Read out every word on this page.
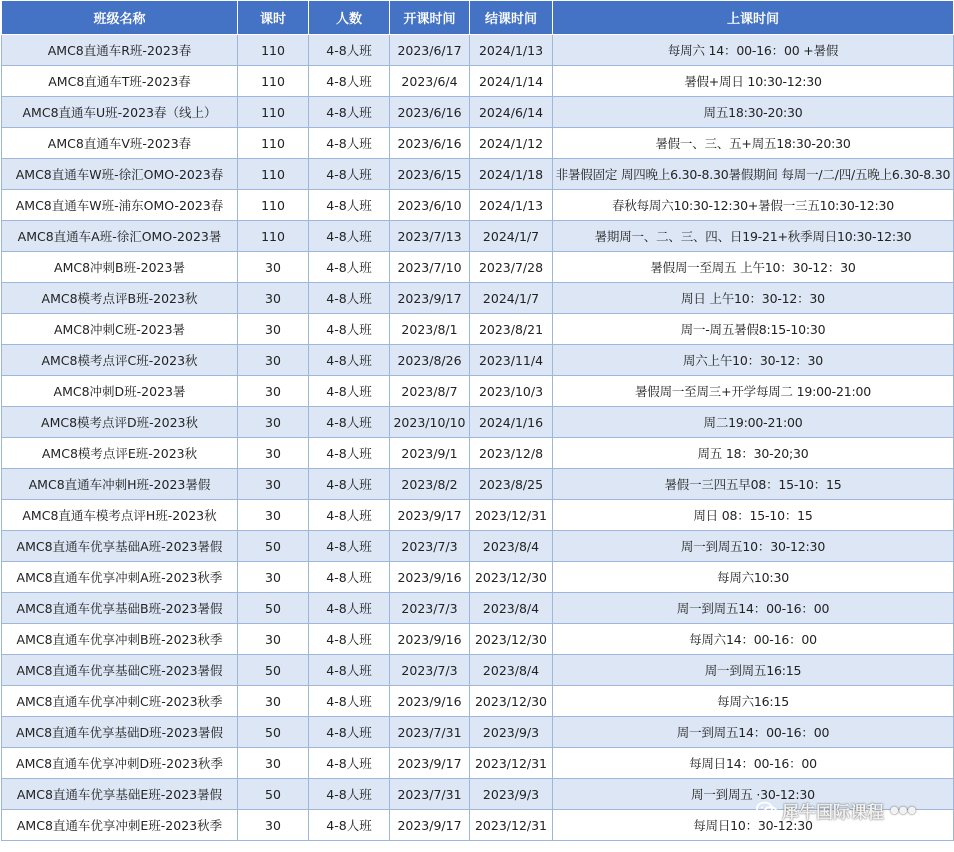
班级名称	课时	人数	开课时间	结课时间	上课时间
AMC8直通车R班-2023春	110	4-8人班	2023/6/17	2024/1/13	每周六 14：00-16：00 +暑假
AMC8直通车T班-2023春	110	4-8人班	2023/6/4	2024/1/14	暑假+周日 10:30-12:30
AMC8直通车U班-2023春（线上）	110	4-8人班	2023/6/16	2024/6/14	周五18:30-20:30
AMC8直通车V班-2023春	110	4-8人班	2023/6/16	2024/1/12	暑假一、三、五+周五18:30-20:30
AMC8直通车W班-徐汇OMO-2023春	110	4-8人班	2023/6/15	2024/1/18	非暑假固定 周四晚上6.30-8.30暑假期间 每周一/二/四/五晚上6.30-8.30
AMC8直通车W班-浦东OMO-2023春	110	4-8人班	2023/6/10	2024/1/13	春秋每周六10:30-12:30+暑假一三五10:30-12:30
AMC8直通车A班-徐汇OMO-2023暑	110	4-8人班	2023/7/13	2024/1/7	暑期周一、二、三、四、日19-21+秋季周日10:30-12:30
AMC8冲刺B班-2023暑	30	4-8人班	2023/7/10	2023/7/28	暑假周一至周五 上午10：30-12：30
AMC8模考点评B班-2023秋	30	4-8人班	2023/9/17	2024/1/7	周日 上午10：30-12：30
AMC8冲刺C班-2023暑	30	4-8人班	2023/8/1	2023/8/21	周一-周五暑假8:15-10:30
AMC8模考点评C班-2023秋	30	4-8人班	2023/8/26	2023/11/4	周六上午10：30-12：30
AMC8冲刺D班-2023暑	30	4-8人班	2023/8/7	2023/10/3	暑假周一至周三+开学每周二 19:00-21:00
AMC8模考点评D班-2023秋	30	4-8人班	2023/10/10	2024/1/16	周二19:00-21:00
AMC8模考点评E班-2023秋	30	4-8人班	2023/9/1	2023/12/8	周五 18：30-20;30
AMC8直通车冲刺H班-2023暑假	30	4-8人班	2023/8/2	2023/8/25	暑假一三四五早08：15-10：15
AMC8直通车模考点评H班-2023秋	30	4-8人班	2023/9/17	2023/12/31	周日 08：15-10：15
AMC8直通车优享基础A班-2023暑假	50	4-8人班	2023/7/3	2023/8/4	周一到周五10：30-12:30
AMC8直通车优享冲刺A班-2023秋季	30	4-8人班	2023/9/16	2023/12/30	每周六10:30
AMC8直通车优享基础B班-2023暑假	50	4-8人班	2023/7/3	2023/8/4	周一到周五14：00-16：00
AMC8直通车优享冲刺B班-2023秋季	30	4-8人班	2023/9/16	2023/12/30	每周六14：00-16：00
AMC8直通车优享基础C班-2023暑假	50	4-8人班	2023/7/3	2023/8/4	周一到周五16:15
AMC8直通车优享冲刺C班-2023秋季	30	4-8人班	2023/9/16	2023/12/30	每周六16:15
AMC8直通车优享基础D班-2023暑假	50	4-8人班	2023/7/31	2023/9/3	周一到周五14：00-16：00
AMC8直通车优享冲刺D班-2023秋季	30	4-8人班	2023/9/17	2023/12/31	每周日14：00-16：00
AMC8直通车优享基础E班-2023暑假	50	4-8人班	2023/7/31	2023/9/3	周一到周五 ·30-12:30
AMC8直通车优享冲刺E班-2023秋季	30	4-8人班	2023/9/17	2023/12/31	每周日10：30-12:30
犀牛国际课程 ●●●
